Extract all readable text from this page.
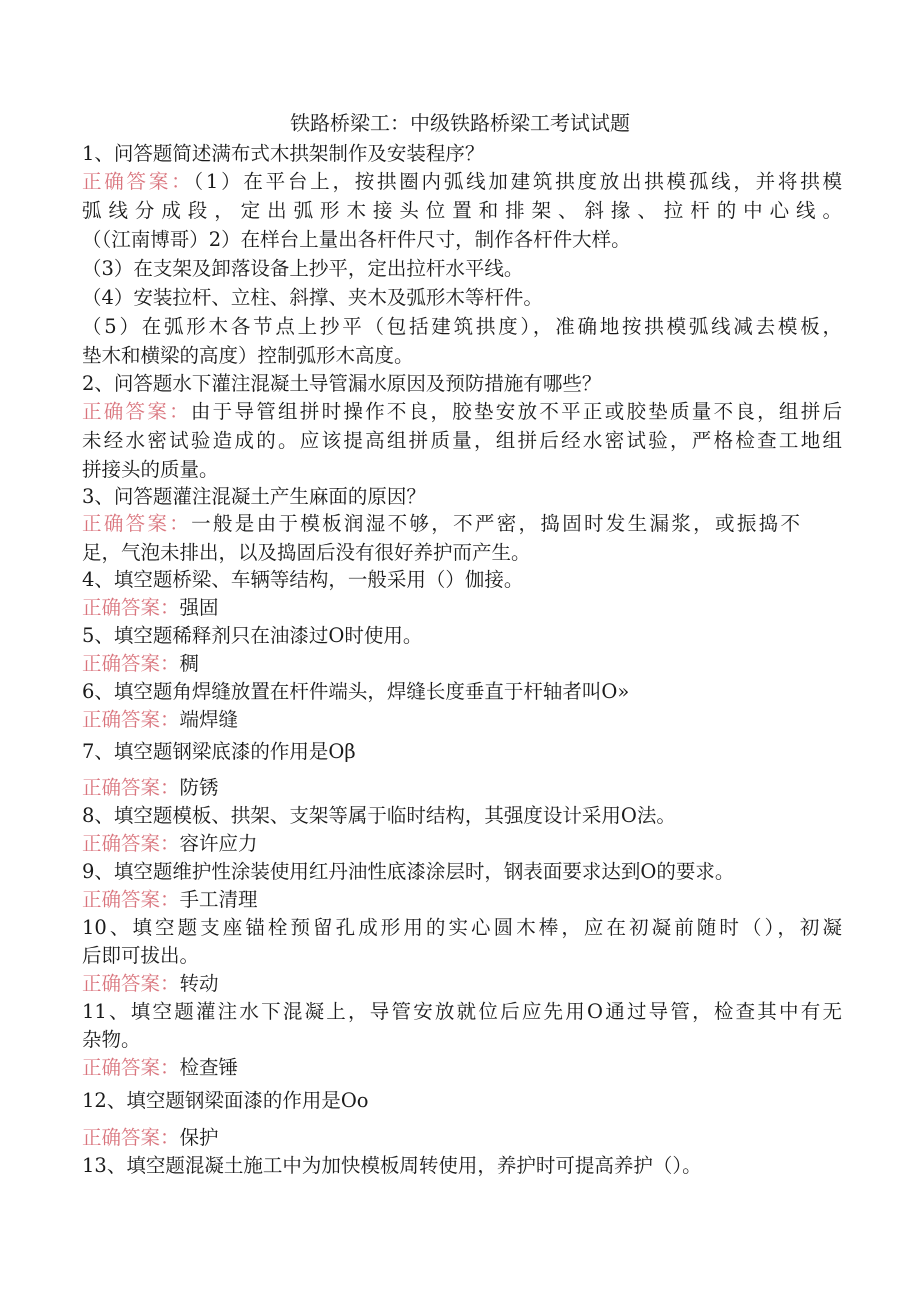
铁路桥梁工：中级铁路桥梁工考试试题
1、问答题简述满布式木拱架制作及安装程序？
正确答案：（1）在平台上，按拱圈内弧线加建筑拱度放出拱模孤线，并将拱模
弧线分成段，定出弧形木接头位置和排架、斜掾、拉杆的中心线。
（（江南博哥）2）在样台上量出各杆件尺寸，制作各杆件大样。
（3）在支架及卸落设备上抄平，定出拉杆水平线。
（4）安装拉杆、立柱、斜撑、夹木及弧形木等杆件。
（5）在弧形木各节点上抄平（包括建筑拱度），准确地按拱模弧线减去模板，
垫木和横梁的高度）控制弧形木高度。
2、问答题水下灌注混凝土导管漏水原因及预防措施有哪些？
正确答案：由于导管组拼时操作不良，胶垫安放不平正或胶垫质量不良，组拼后
未经水密试验造成的。应该提高组拼质量，组拼后经水密试验，严格检查工地组
拼接头的质量。
3、问答题灌注混凝土产生麻面的原因？
正确答案：一般是由于模板润湿不够，不严密，捣固时发生漏浆，或振捣不
足，气泡未排出，以及捣固后没有很好养护而产生。
4、填空题桥梁、车辆等结构，一般采用（）伽接。
正确答案：强固
5、填空题稀释剂只在油漆过O时使用。
正确答案：稠
6、填空题角焊缝放置在杆件端头，焊缝长度垂直于杆轴者叫O»
正确答案：端焊缝
7、填空题钢梁底漆的作用是Oβ
正确答案：防锈
8、填空题模板、拱架、支架等属于临时结构，其强度设计采用O法。
正确答案：容许应力
9、填空题维护性涂装使用红丹油性底漆涂层时，钢表面要求达到O的要求。
正确答案：手工清理
10、填空题支座锚栓预留孔成形用的实心圆木棒，应在初凝前随时（），初凝
后即可拔出。
正确答案：转动
11、填空题灌注水下混凝上，导管安放就位后应先用O通过导管，检查其中有无
杂物。
正确答案：检查锤
12、填空题钢梁面漆的作用是Oo
正确答案：保护
13、填空题混凝土施工中为加快模板周转使用，养护时可提高养护（）。
